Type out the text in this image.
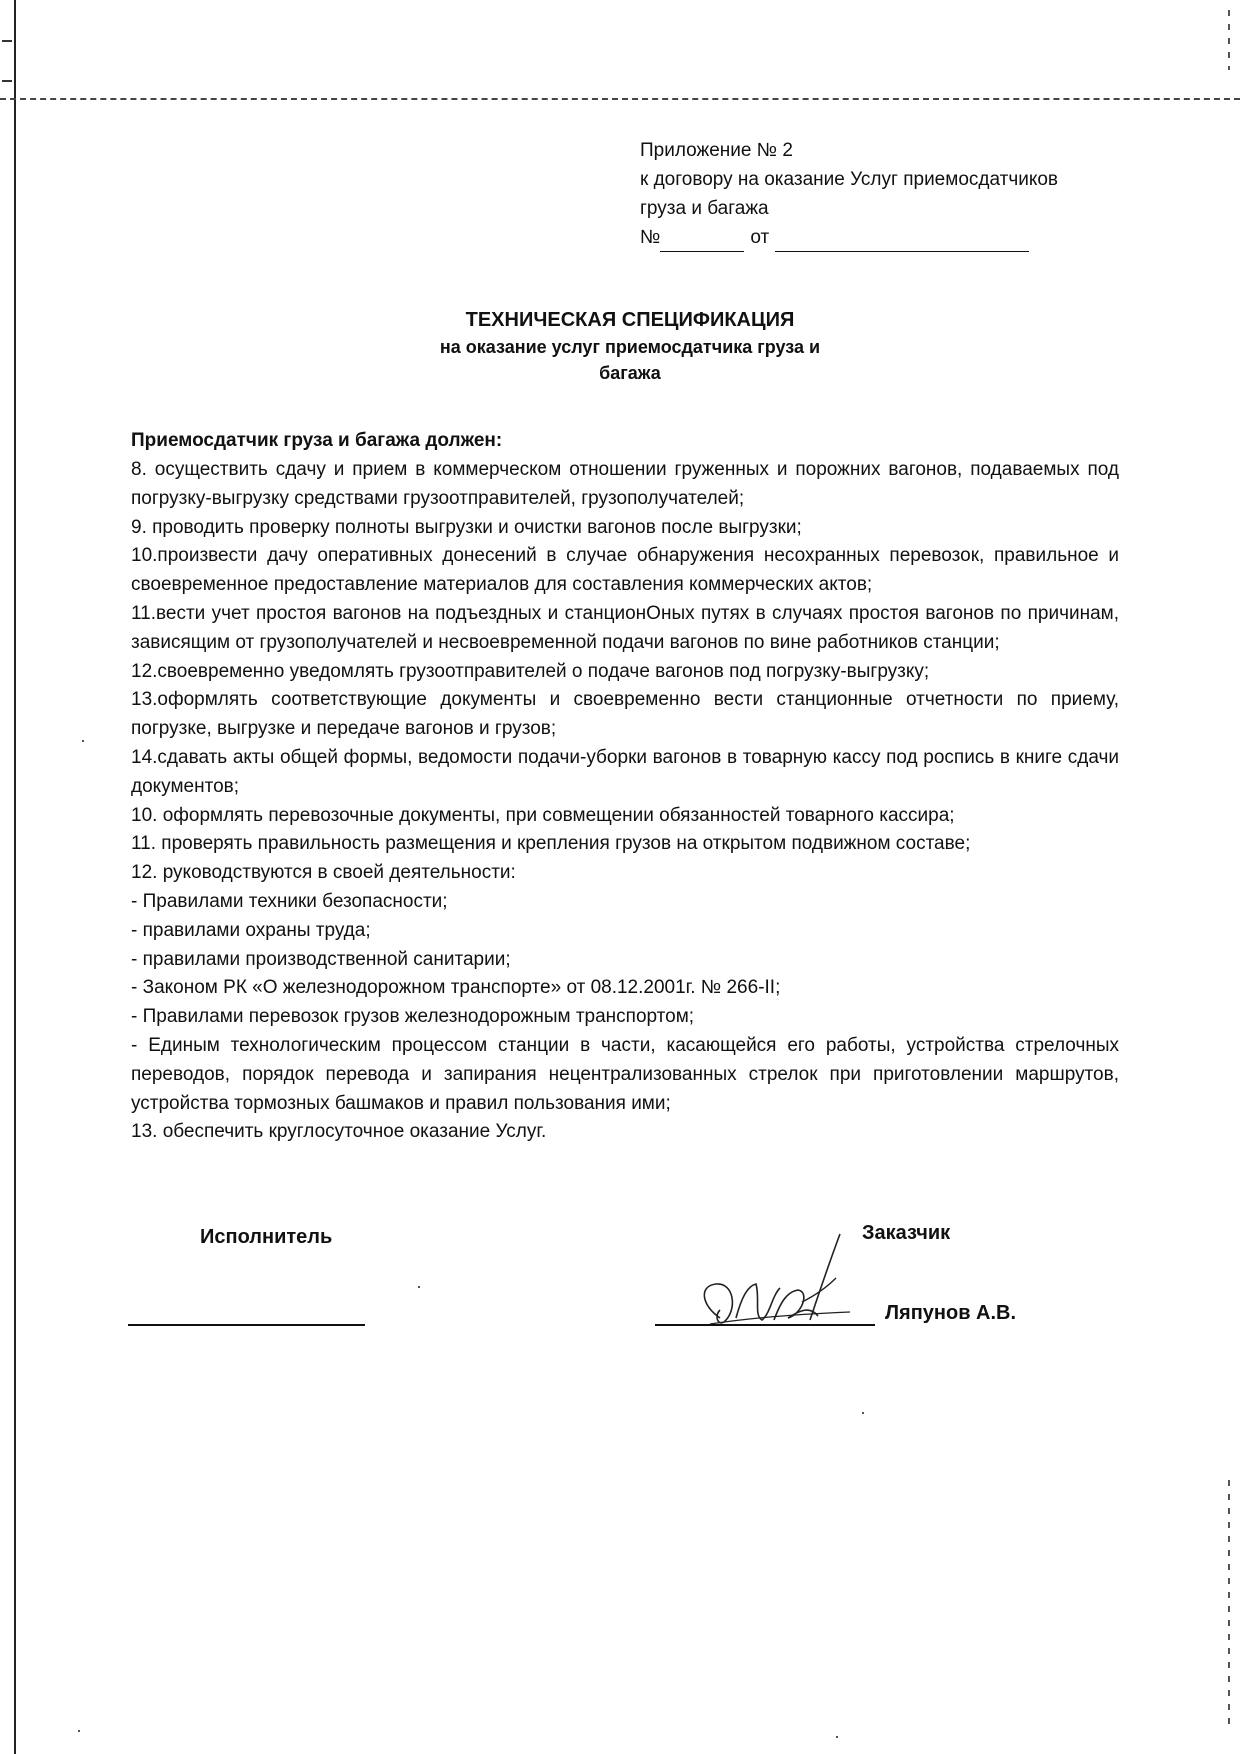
Приложение № 2
к договору на оказание Услуг приемосдатчиков
груза и багажа
№	от
ТЕХНИЧЕСКАЯ СПЕЦИФИКАЦИЯ
на оказание услуг приемосдатчика груза и
багажа
Приемосдатчик груза и багажа должен:
8. осуществить сдачу и прием в коммерческом отношении груженных и порожних вагонов, подаваемых под погрузку-выгрузку средствами грузоотправителей, грузополучателей;
9. проводить проверку полноты выгрузки и очистки вагонов после выгрузки;
10.произвести дачу оперативных донесений в случае обнаружения несохранных перевозок, правильное и своевременное предоставление материалов для составления коммерческих актов;
11.вести учет простоя вагонов на подъездных и станционОных путях в случаях простоя вагонов по причинам, зависящим от грузополучателей и несвоевременной подачи вагонов по вине работников станции;
12.своевременно уведомлять грузоотправителей о подаче вагонов под погрузку-выгрузку;
13.оформлять соответствующие документы и своевременно вести станционные отчетности по приему, погрузке, выгрузке и передаче вагонов и грузов;
14.сдавать акты общей формы, ведомости подачи-уборки вагонов в товарную кассу под роспись в книге сдачи документов;
10. оформлять перевозочные документы, при совмещении обязанностей товарного кассира;
11. проверять правильность размещения и крепления грузов на открытом подвижном составе;
12. руководствуются в своей деятельности:
- Правилами техники безопасности;
- правилами охраны труда;
- правилами производственной санитарии;
- Законом РК «О железнодорожном транспорте» от 08.12.2001г. № 266-II;
- Правилами перевозок грузов железнодорожным транспортом;
- Единым технологическим процессом станции в части, касающейся его работы, устройства стрелочных переводов, порядок перевода и запирания нецентрализованных стрелок при приготовлении маршрутов, устройства тормозных башмаков и правил пользования ими;
13. обеспечить круглосуточное оказание Услуг.
Исполнитель	Заказчик
Ляпунов А.В.
